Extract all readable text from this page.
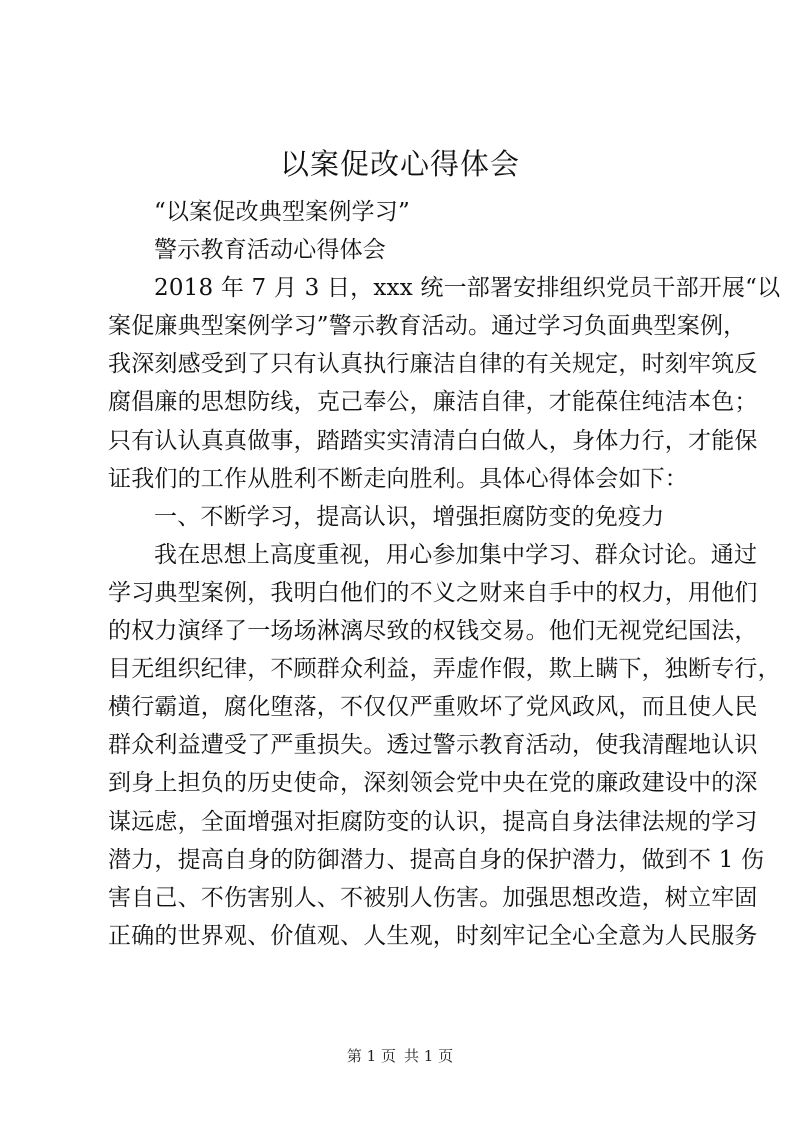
以案促改心得体会
“以案促改典型案例学习”
警示教育活动心得体会
2018 年 7 月 3 日，xxx 统一部署安排组织党员干部开展“以
案促廉典型案例学习”警示教育活动。通过学习负面典型案例，
我深刻感受到了只有认真执行廉洁自律的有关规定，时刻牢筑反
腐倡廉的思想防线，克己奉公，廉洁自律，才能葆住纯洁本色；
只有认认真真做事，踏踏实实清清白白做人，身体力行，才能保
证我们的工作从胜利不断走向胜利。具体心得体会如下：
一、不断学习，提高认识，增强拒腐防变的免疫力
我在思想上高度重视，用心参加集中学习、群众讨论。通过
学习典型案例，我明白他们的不义之财来自手中的权力，用他们
的权力演绎了一场场淋漓尽致的权钱交易。他们无视党纪国法，
目无组织纪律，不顾群众利益，弄虚作假，欺上瞒下，独断专行，
横行霸道，腐化堕落，不仅仅严重败坏了党风政风，而且使人民
群众利益遭受了严重损失。透过警示教育活动，使我清醒地认识
到身上担负的历史使命，深刻领会党中央在党的廉政建设中的深
谋远虑，全面增强对拒腐防变的认识，提高自身法律法规的学习
潜力，提高自身的防御潜力、提高自身的保护潜力，做到不 1 伤
害自己、不伤害别人、不被别人伤害。加强思想改造，树立牢固
正确的世界观、价值观、人生观，时刻牢记全心全意为人民服务
第 1 页 共 1 页
